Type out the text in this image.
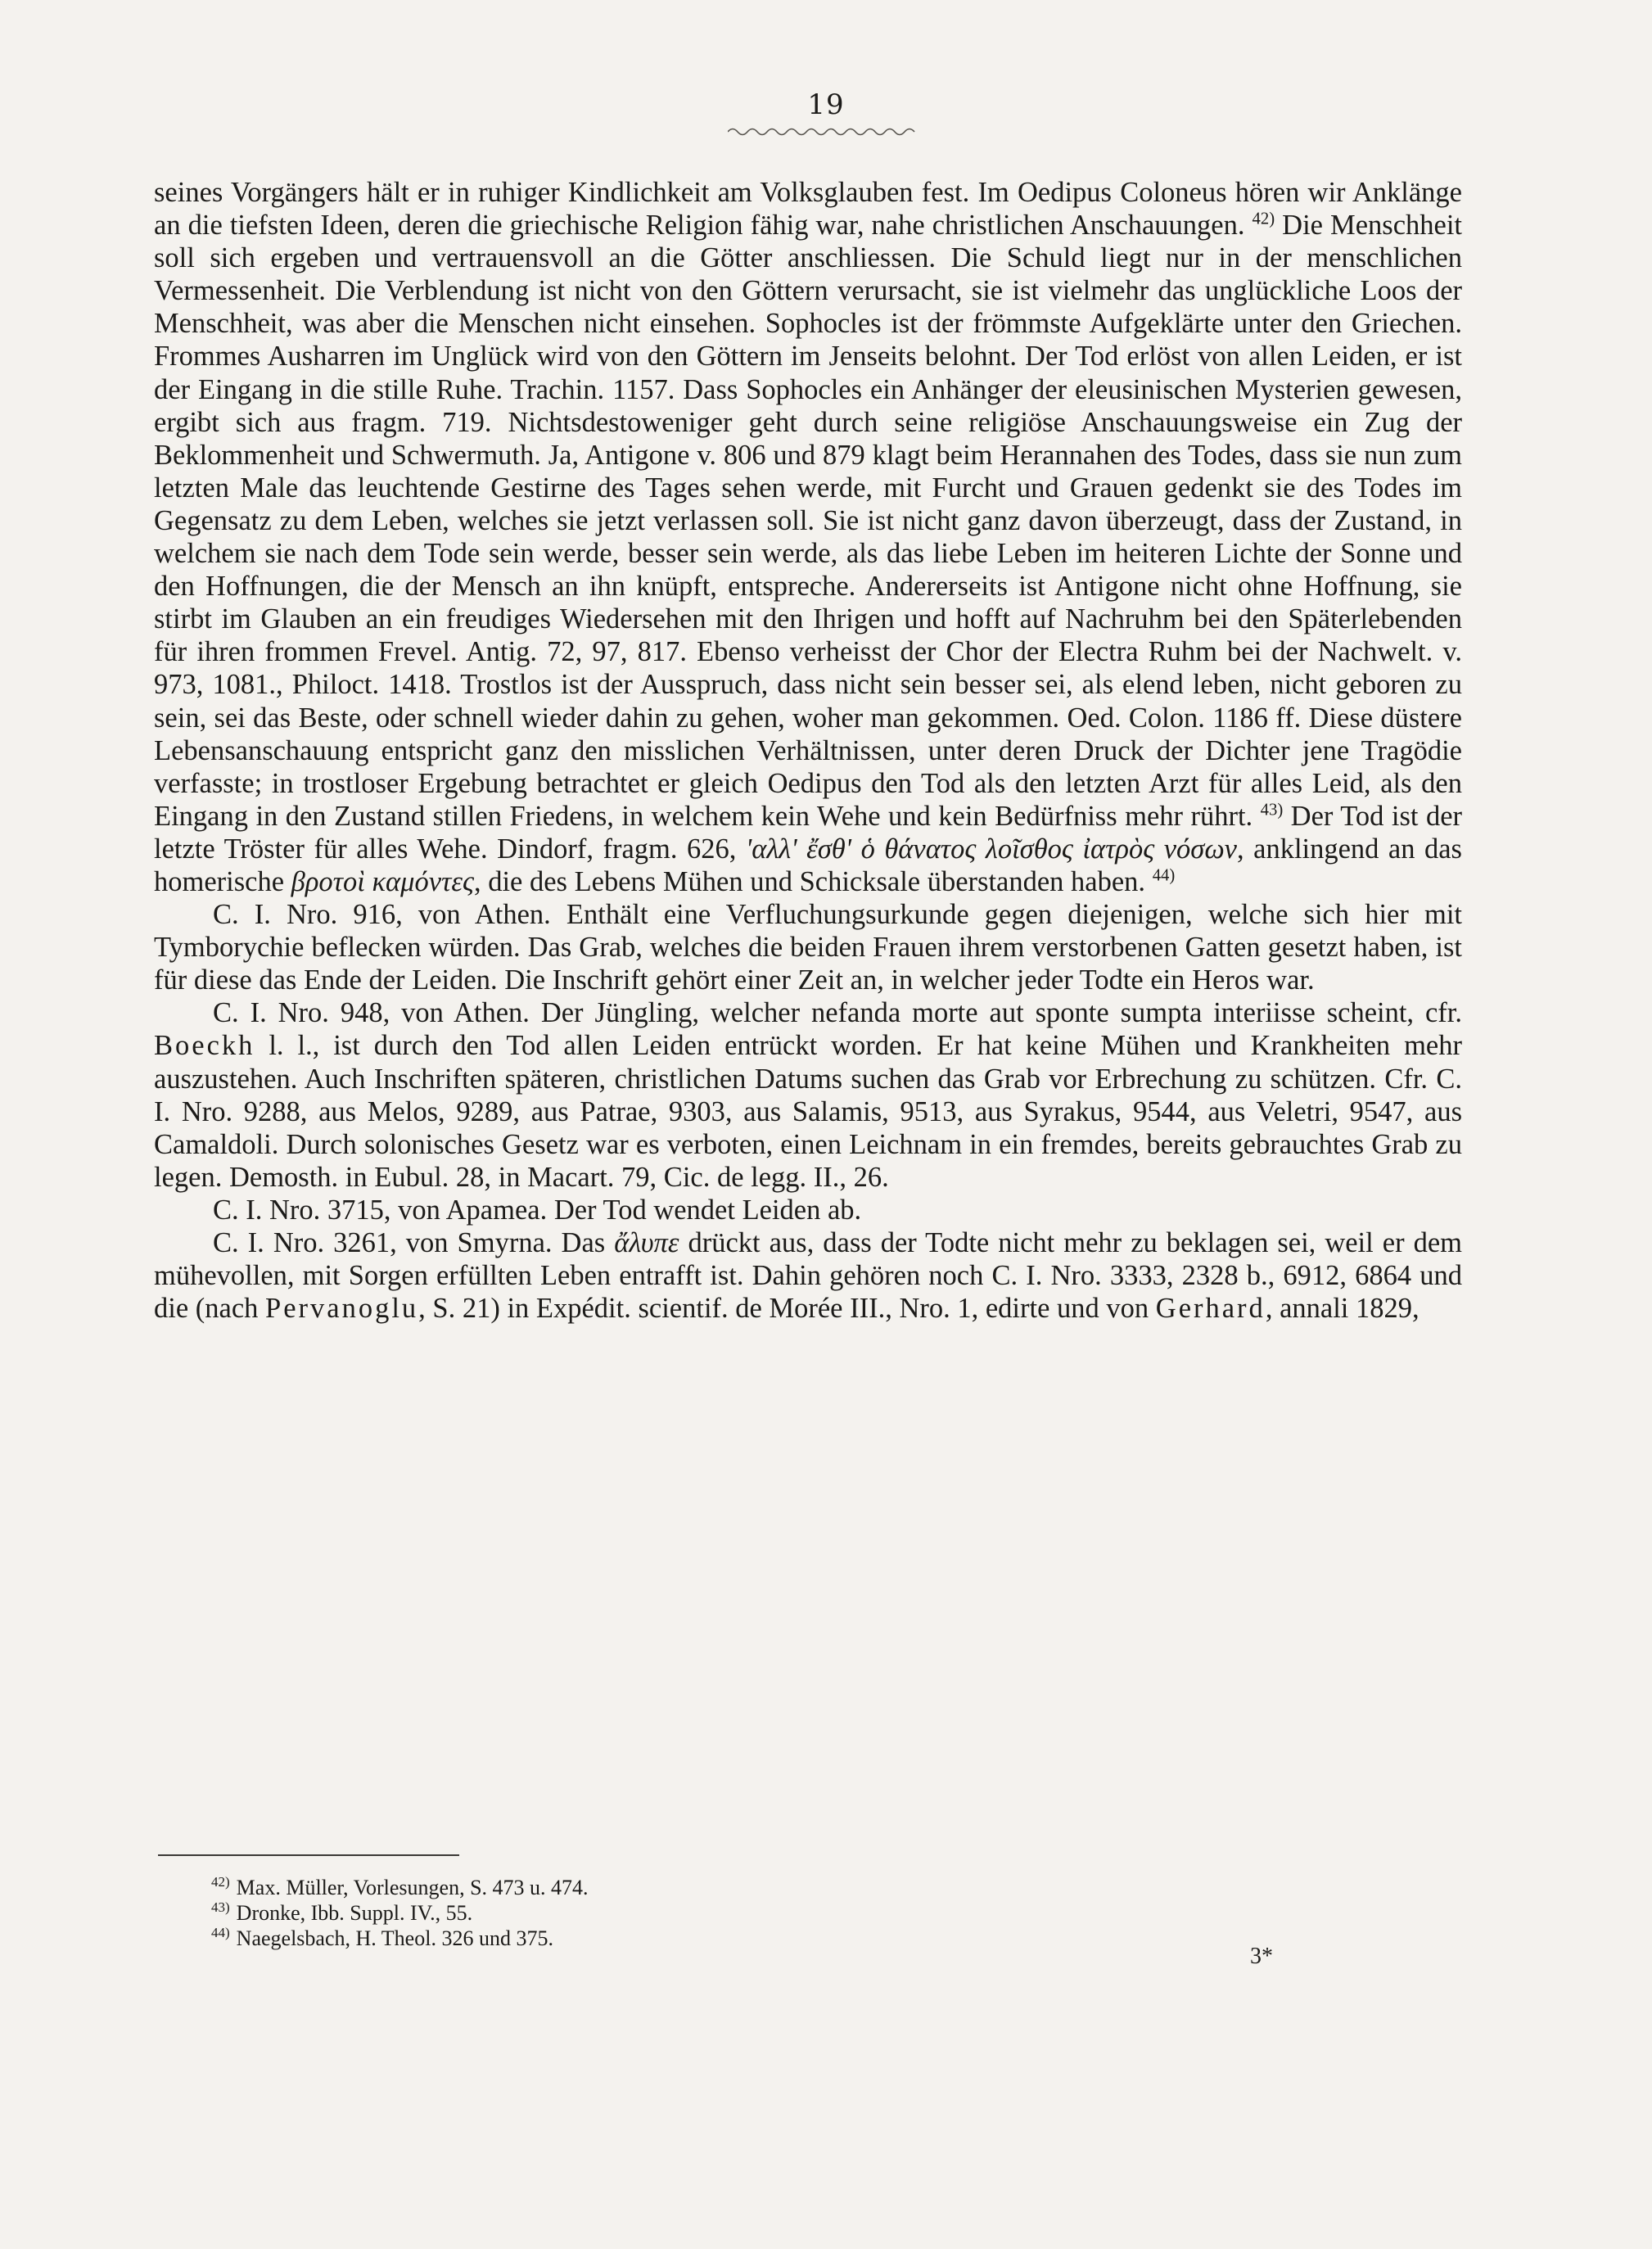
19

seines Vorgängers hält er in ruhiger Kindlichkeit am Volksglauben fest. Im Oedipus Coloneus hören wir Anklänge an die tiefsten Ideen, deren die griechische Religion fähig war, nahe christlichen Anschauungen. $^{42)}$ Die Menschheit soll sich ergeben und vertrauensvoll an die Götter anschliessen. Die Schuld liegt nur in der menschlichen Vermessenheit. Die Verblendung ist nicht von den Göttern verursacht, sie ist vielmehr das unglückliche Loos der Menschheit, was aber die Menschen nicht einsehen. Sophocles ist der frömmste Aufgeklärte unter den Griechen. Frommes Ausharren im Unglück wird von den Göttern im Jenseits belohnt. Der Tod erlöst von allen Leiden, er ist der Eingang in die stille Ruhe. Trachin. 1157. Dass Sophocles ein Anhänger der eleusinischen Mysterien gewesen, ergibt sich aus fragm. 719. Nichtsdestoweniger geht durch seine religiöse Anschauungsweise ein Zug der Beklommenheit und Schwermuth. Ja, Antigone v. 806 und 879 klagt beim Herannahen des Todes, dass sie nun zum letzten Male das leuchtende Gestirne des Tages sehen werde, mit Furcht und Grauen gedenkt sie des Todes im Gegensatz zu dem Leben, welches sie jetzt verlassen soll. Sie ist nicht ganz davon überzeugt, dass der Zustand, in welchem sie nach dem Tode sein werde, besser sein werde, als das liebe Leben im heiteren Lichte der Sonne und den Hoffnungen, die der Mensch an ihn knüpft, entspreche. Andererseits ist Antigone nicht ohne Hoffnung, sie stirbt im Glauben an ein freudiges Wiedersehen mit den Ihrigen und hofft auf Nachruhm bei den Späterlebenden für ihren frommen Frevel. Antig. 72, 97, 817. Ebenso verheisst der Chor der Electra Ruhm bei der Nachwelt. v. 973, 1081., Philoct. 1418. Trostlos ist der Ausspruch, dass nicht sein besser sei, als elend leben, nicht geboren zu sein, sei das Beste, oder schnell wieder dahin zu gehen, woher man gekommen. Oed. Colon. 1186 ff. Diese düstere Lebensanschauung entspricht ganz den misslichen Verhältnissen, unter deren Druck der Dichter jene Tragödie verfasste; in trostloser Ergebung betrachtet er gleich Oedipus den Tod als den letzten Arzt für alles Leid, als den Eingang in den Zustand stillen Friedens, in welchem kein Wehe und kein Bedürfniss mehr rührt. $^{43)}$ Der Tod ist der letzte Tröster für alles Wehe. Dindorf, fragm. 626, 'αλλ' ἔσθ' ὁ θάνατος λοῖσθος ἰατρὸς νόσων, anklingend an das homerische βροτοὶ καμόντες, die des Lebens Mühen und Schicksale überstanden haben. $^{44)}$

C. I. Nro. 916, von Athen. Enthält eine Verfluchungsurkunde gegen diejenigen, welche sich hier mit Tymborychie beflecken würden. Das Grab, welches die beiden Frauen ihrem verstorbenen Gatten gesetzt haben, ist für diese das Ende der Leiden. Die Inschrift gehört einer Zeit an, in welcher jeder Todte ein Heros war.

C. I. Nro. 948, von Athen. Der Jüngling, welcher nefanda morte aut sponte sumpta interiisse scheint, cfr. Boeckh l. l., ist durch den Tod allen Leiden entrückt worden. Er hat keine Mühen und Krankheiten mehr auszustehen. Auch Inschriften späteren, christlichen Datums suchen das Grab vor Erbrechung zu schützen. Cfr. C. I. Nro. 9288, aus Melos, 9289, aus Patrae, 9303, aus Salamis, 9513, aus Syrakus, 9544, aus Veletri, 9547, aus Camaldoli. Durch solonisches Gesetz war es verboten, einen Leichnam in ein fremdes, bereits gebrauchtes Grab zu legen. Demosth. in Eubul. 28, in Macart. 79, Cic. de legg. II., 26.

C. I. Nro. 3715, von Apamea. Der Tod wendet Leiden ab.

C. I. Nro. 3261, von Smyrna. Das ἄλυπε drückt aus, dass der Todte nicht mehr zu beklagen sei, weil er dem mühevollen, mit Sorgen erfüllten Leben entrafft ist. Dahin gehören noch C. I. Nro. 3333, 2328 b., 6912, 6864 und die (nach Pervanoglu, S. 21) in Expédit. scientif. de Morée III., Nro. 1, edirte und von Gerhard, annali 1829,

$^{42)}$ Max. Müller, Vorlesungen, S. 473 u. 474.
$^{43)}$ Dronke, Ibb. Suppl. IV., 55.
$^{44)}$ Naegelsbach, H. Theol. 326 und 375.
3*
